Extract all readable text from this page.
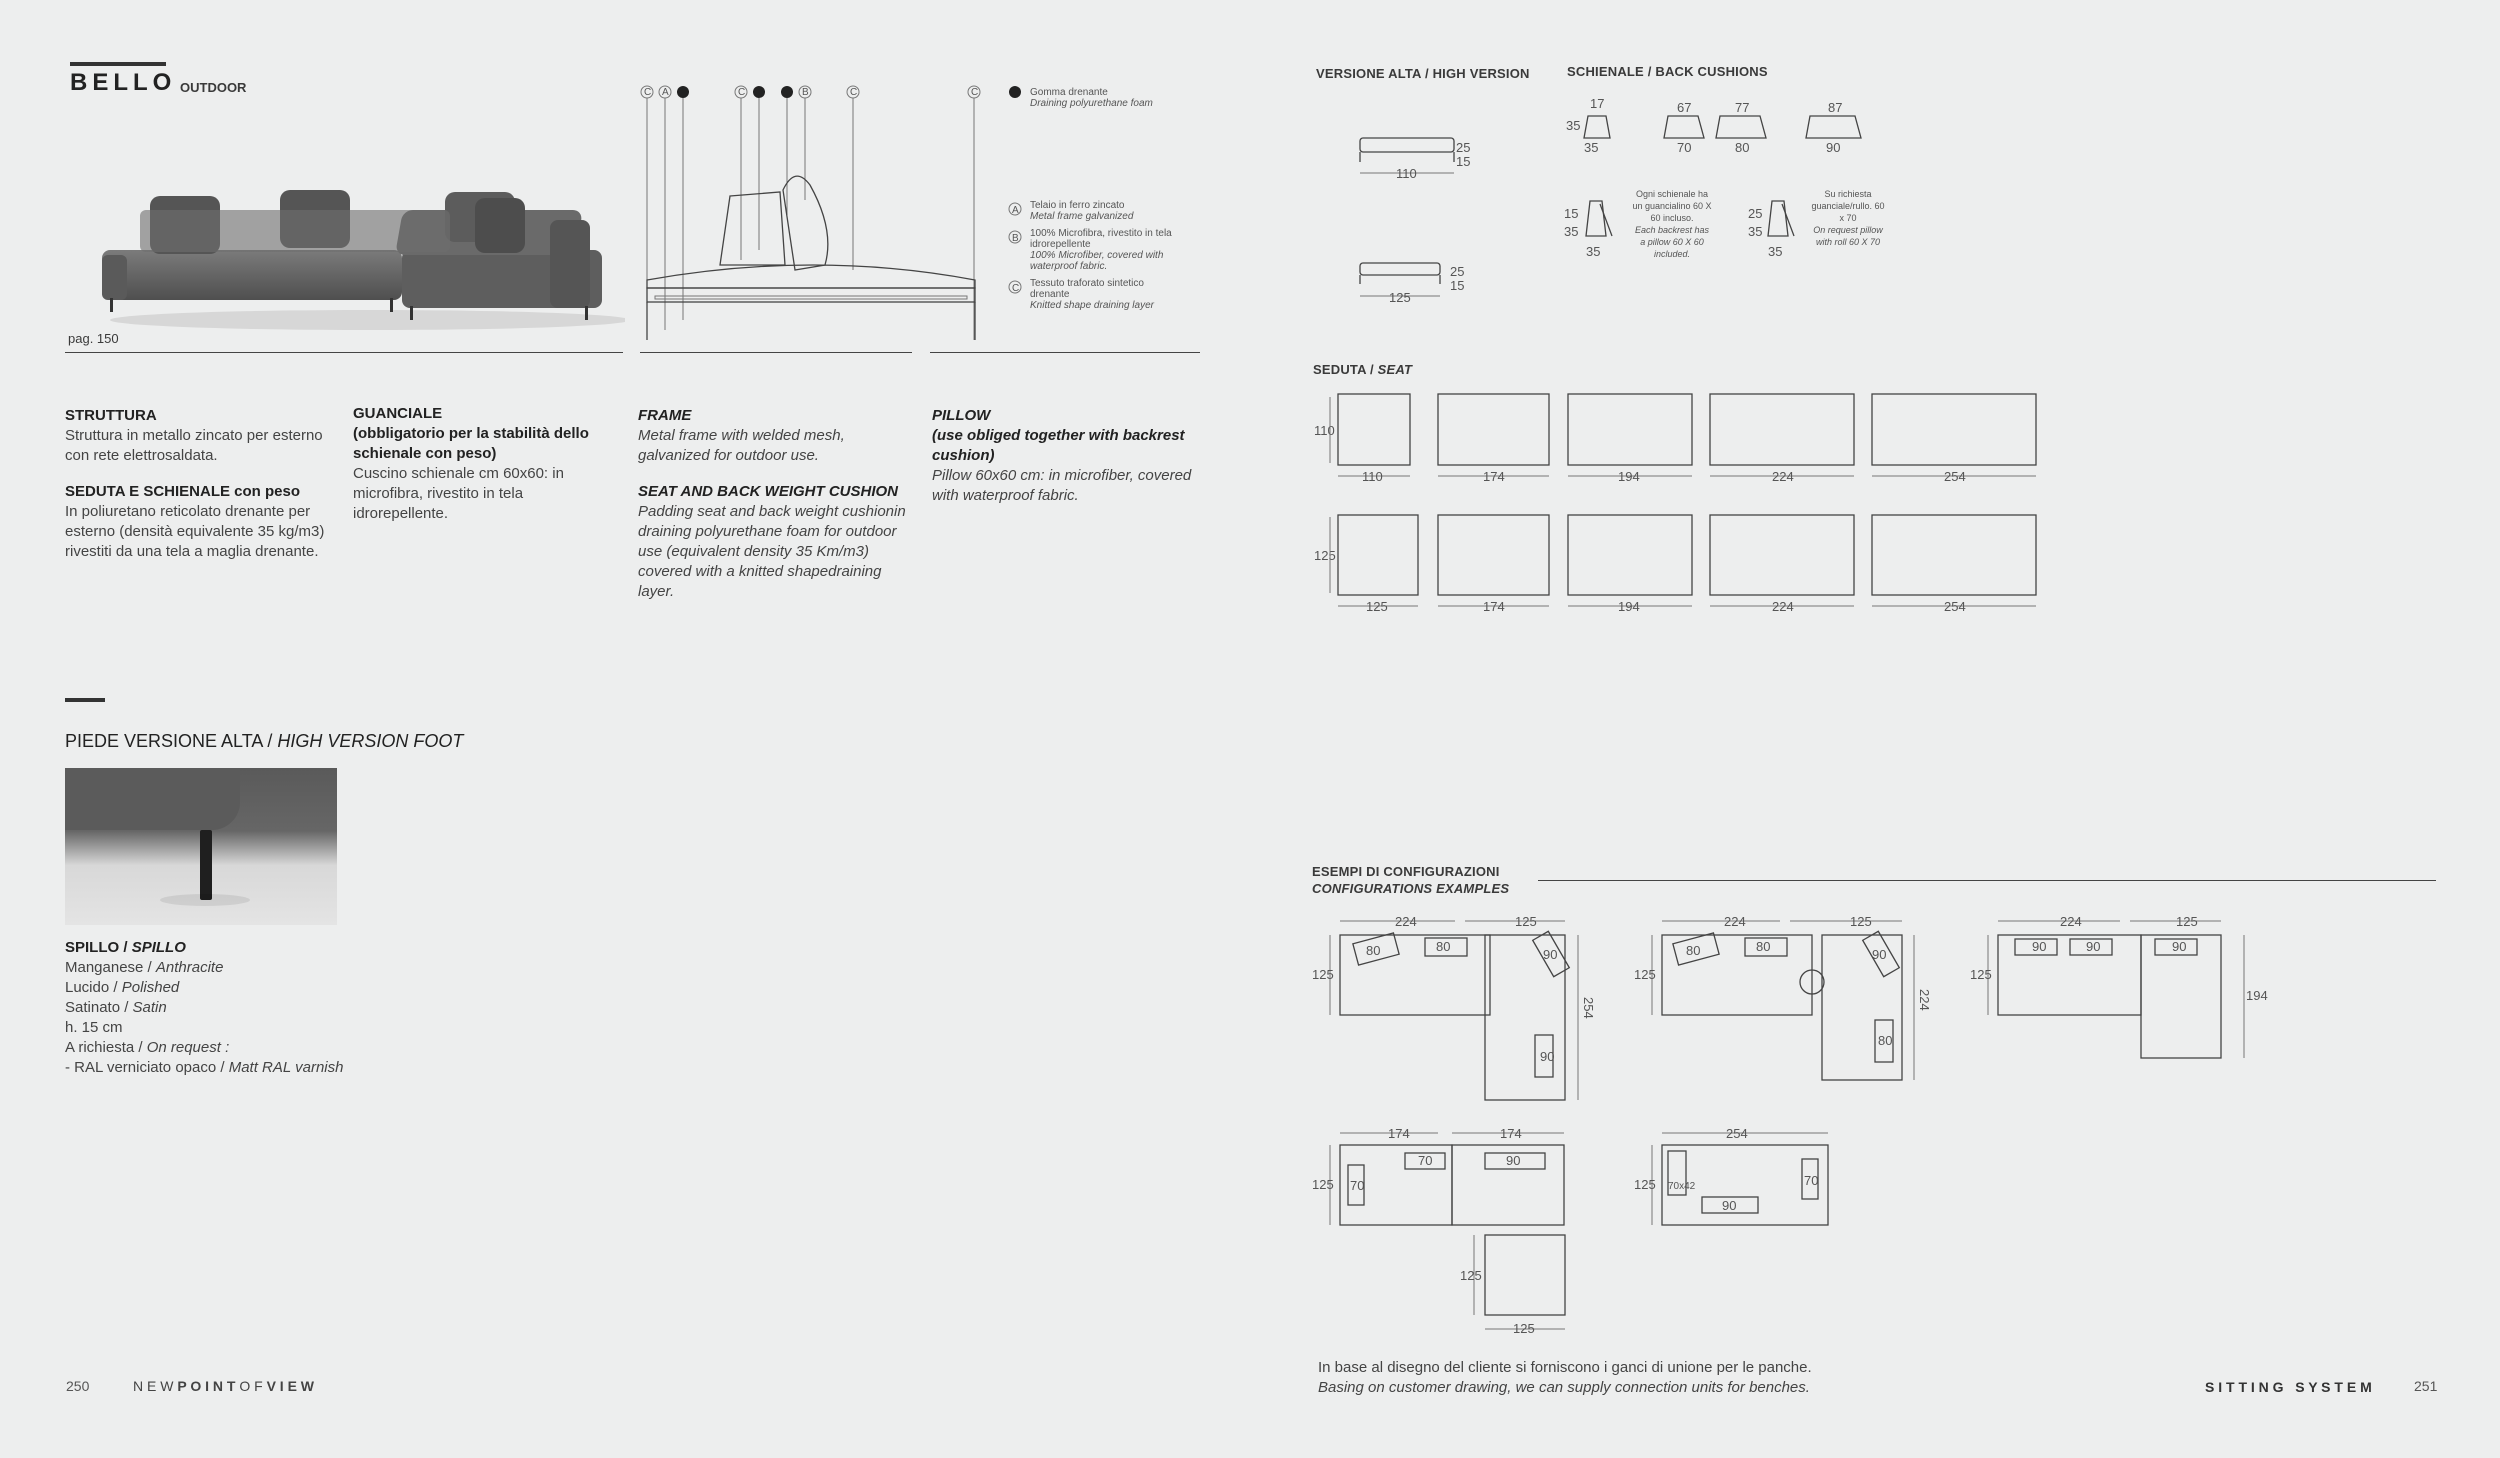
BELLO OUTDOOR
pag. 150
C A	C	B	C	C	Gomma drenante
Draining polyurethane foam
A Telaio in ferro zincato
Metal frame galvanized
B 100% Microfibra, rivestito in tela idrorepellente
100% Microfiber, covered with waterproof fabric.
C Tessuto traforato sintetico drenante
Knitted shape draining layer
STRUTTURA
Struttura in metallo zincato per esterno con rete elettrosaldata.
SEDUTA E SCHIENALE con peso
In poliuretano reticolato drenante per esterno (densità equivalente 35 kg/m3) rivestiti da una tela a maglia drenante.
GUANCIALE
(obbligatorio per la stabilità dello schienale con peso)
Cuscino schienale cm 60x60: in microfibra, rivestito in tela idrorepellente.
FRAME
Metal frame with welded mesh, galvanized for outdoor use.
SEAT AND BACK WEIGHT CUSHION
Padding seat and back weight cushionin draining polyurethane foam for outdoor use (equivalent density 35 Km/m3) covered with a knitted shapedraining layer.
PILLOW
(use obliged together with backrest cushion)
Pillow 60x60 cm: in microfiber, covered with waterproof fabric.
PIEDE VERSIONE ALTA / HIGH VERSION FOOT
SPILLO / SPILLO
Manganese / Anthracite
Lucido / Polished
Satinato / Satin
h. 15 cm
A richiesta / On request :
- RAL verniciato opaco / Matt RAL varnish
250	N E W P O I N T O F V I E W
VERSIONE ALTA / HIGH VERSION	SCHIENALE / BACK CUSHIONS
110
25
15
125
25
15
17
35
35
67
70
77
80
87
90
15
35
35
25
35
35
Ogni schienale ha un guancialino 60 X 60 incluso.
Each backrest has a pillow 60 X 60 included.
Su richiesta guanciale/rullo. 60 x 70
On request pillow with roll 60 X 70
SEDUTA / SEAT
110
125
110	174	194	224	254
125	174	194	224	254
ESEMPI DI CONFIGURAZIONI
CONFIGURATIONS EXAMPLES
224	125
125
254
80	80
90
90
224	125
125
224
80	80
90
80
224	125
125
194
90	90	90
174	174
125
125
125
70
70	90
254
125 70x42
90
70
In base al disegno del cliente si forniscono i ganci di unione per le panche.
Basing on customer drawing, we can supply connection units for benches.	S I T T I N G   S Y S T E M	251
